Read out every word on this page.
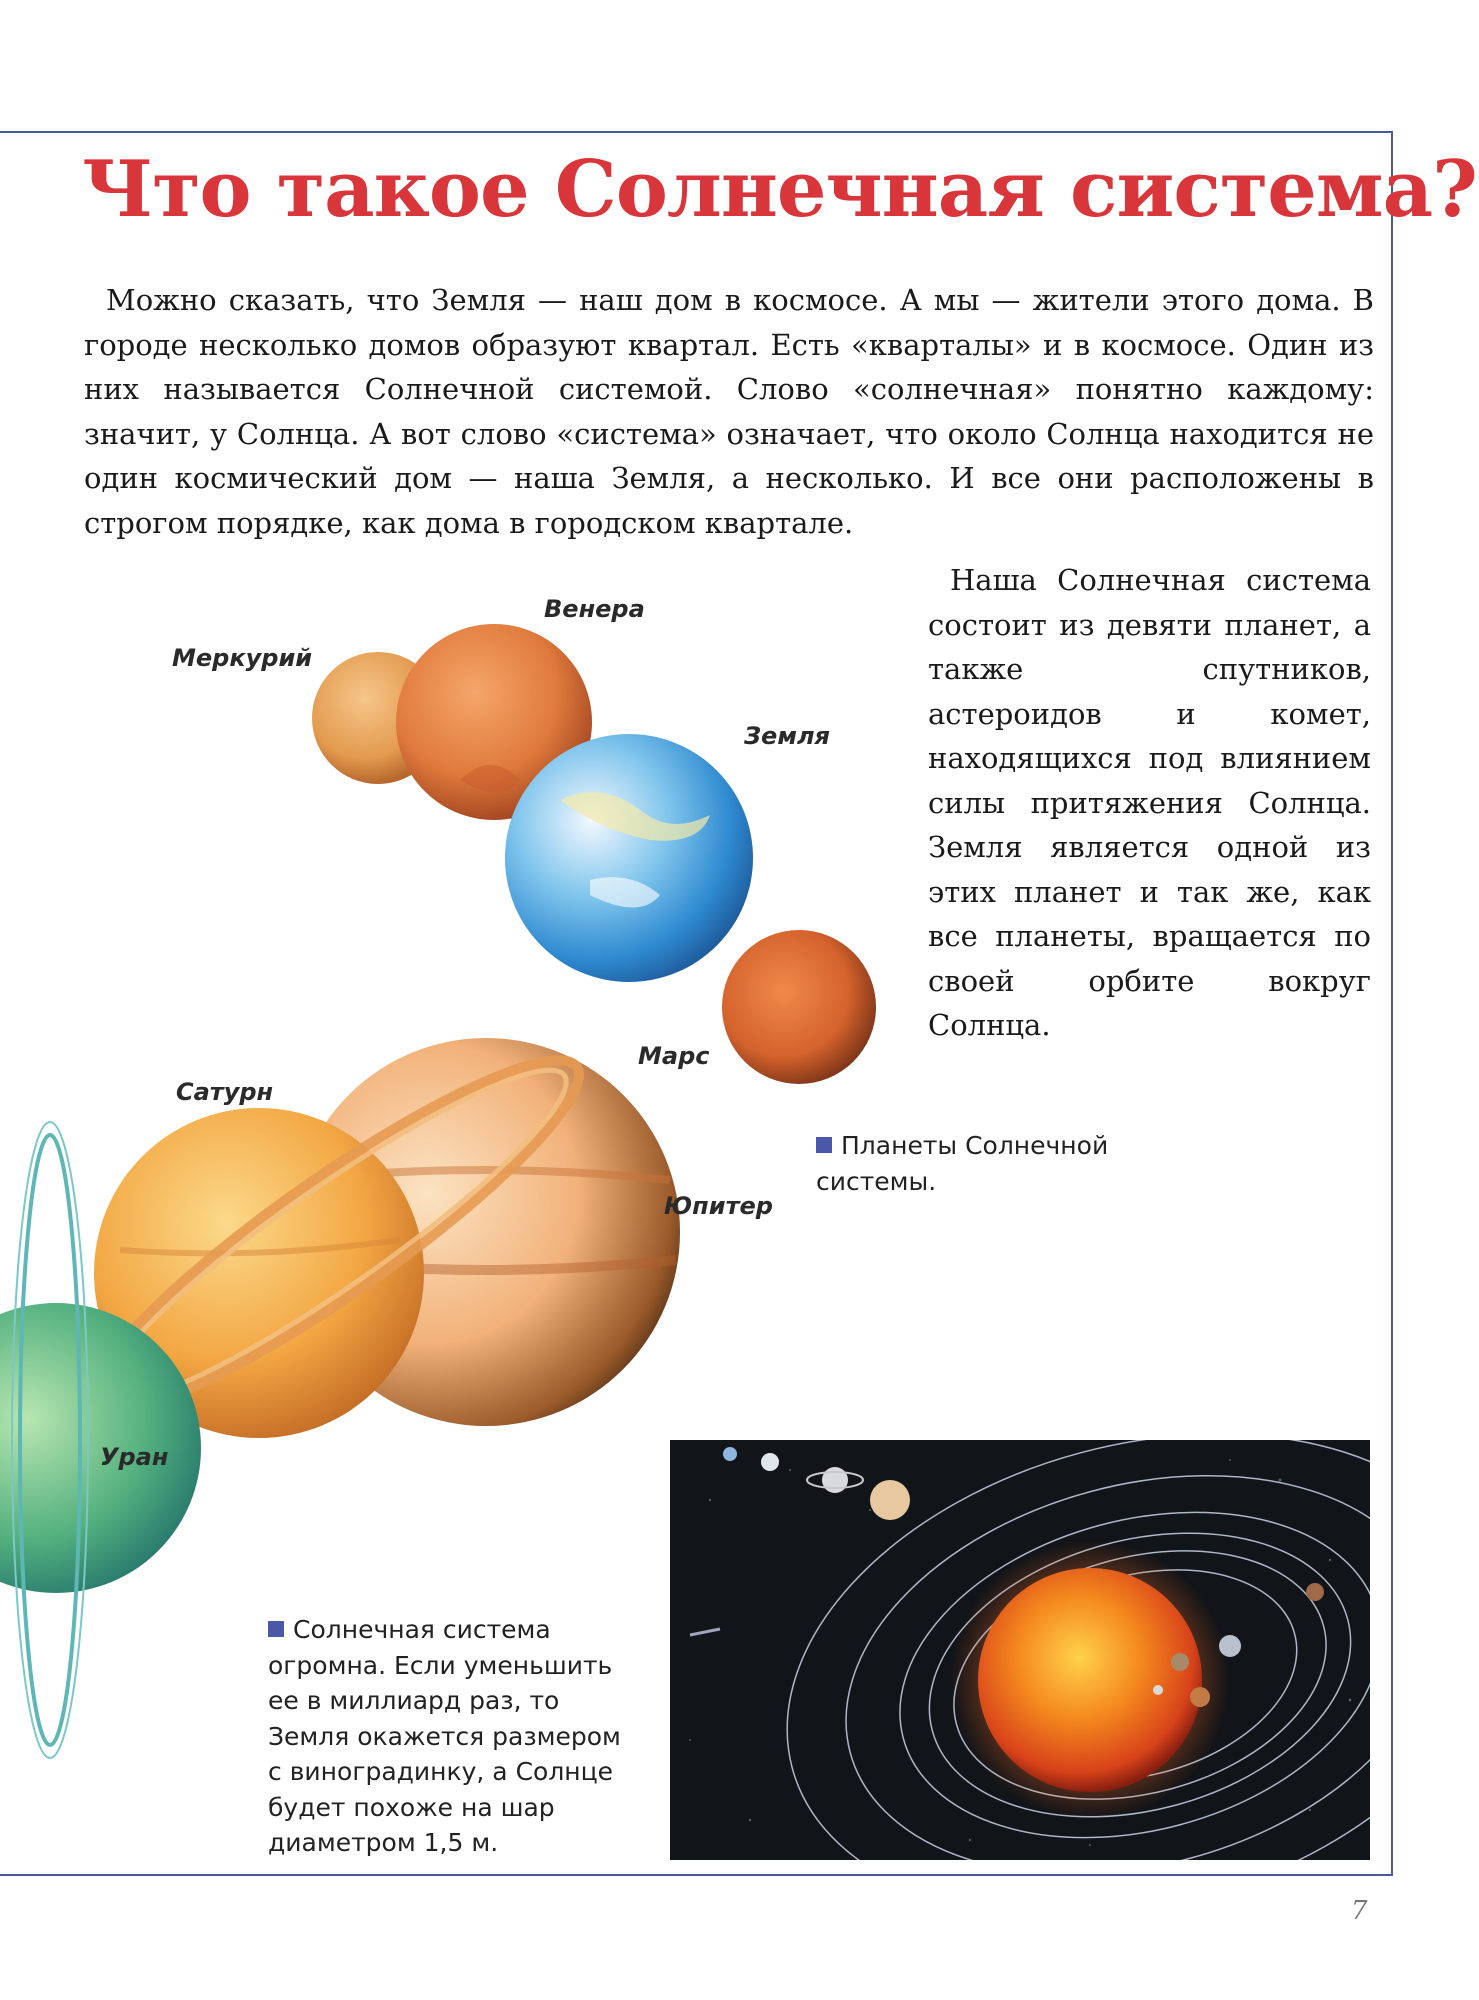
Что такое Солнечная система?

Можно сказать, что Земля — наш дом в космосе. А мы — жители этого дома. В городе несколько домов образуют квартал. Есть «кварталы» и в космосе. Один из них называется Солнечной системой. Слово «солнечная» понятно каждому: значит, у Солнца. А вот слово «система» означает, что около Солнца находится не один космический дом — наша Земля, а несколько. И все они расположены в строгом порядке, как дома в городском квартале.

Наша Солнечная система состоит из девяти планет, а также спутников, астероидов и комет, находящихся под влиянием силы притяжения Солнца. Земля является одной из этих планет и так же, как все планеты, вращается по своей орбите вокруг Солнца.

Меркурий
Венера
Земля
Марс
Сатурн
Юпитер
Уран
Планеты Солнечной системы.
Солнечная система огромна. Если уменьшить ее в миллиард раз, то Земля окажется размером с виноградинку, а Солнце будет похоже на шар диаметром 1,5 м.
7
